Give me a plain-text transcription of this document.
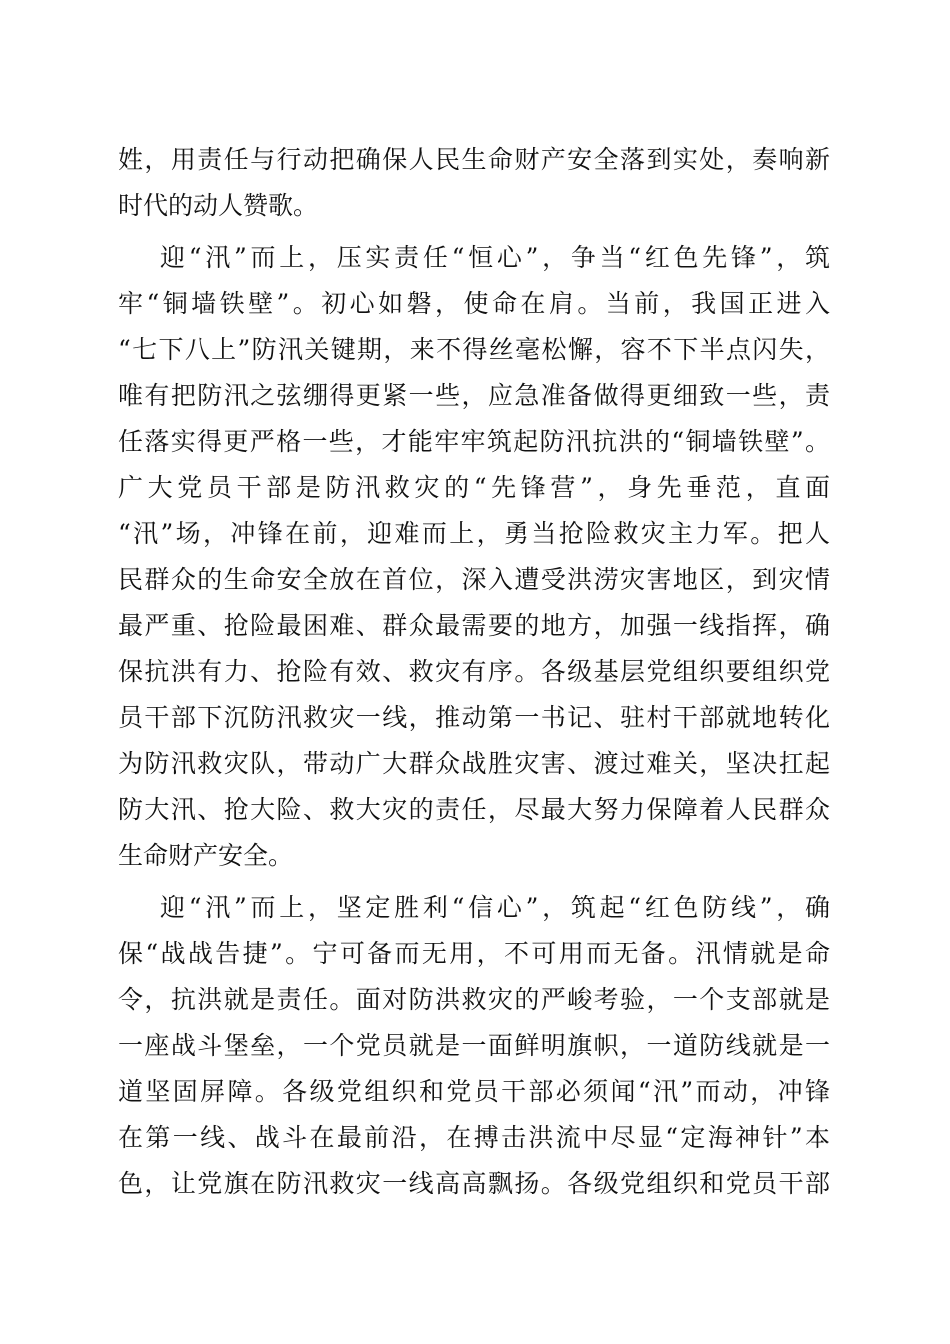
姓，用责任与行动把确保人民生命财产安全落到实处，奏响新
时代的动人赞歌。
迎“汛”而上，压实责任“恒心”，争当“红色先锋”，筑
牢“铜墙铁壁”。初心如磐，使命在肩。当前，我国正进入
“七下八上”防汛关键期，来不得丝毫松懈，容不下半点闪失，
唯有把防汛之弦绷得更紧一些，应急准备做得更细致一些，责
任落实得更严格一些，才能牢牢筑起防汛抗洪的“铜墙铁壁”。
广大党员干部是防汛救灾的“先锋营”，身先垂范，直面
“汛”场，冲锋在前，迎难而上，勇当抢险救灾主力军。把人
民群众的生命安全放在首位，深入遭受洪涝灾害地区，到灾情
最严重、抢险最困难、群众最需要的地方，加强一线指挥，确
保抗洪有力、抢险有效、救灾有序。各级基层党组织要组织党
员干部下沉防汛救灾一线，推动第一书记、驻村干部就地转化
为防汛救灾队，带动广大群众战胜灾害、渡过难关，坚决扛起
防大汛、抢大险、救大灾的责任，尽最大努力保障着人民群众
生命财产安全。
迎“汛”而上，坚定胜利“信心”，筑起“红色防线”，确
保“战战告捷”。宁可备而无用，不可用而无备。汛情就是命
令，抗洪就是责任。面对防洪救灾的严峻考验，一个支部就是
一座战斗堡垒，一个党员就是一面鲜明旗帜，一道防线就是一
道坚固屏障。各级党组织和党员干部必须闻“汛”而动，冲锋
在第一线、战斗在最前沿，在搏击洪流中尽显“定海神针”本
色，让党旗在防汛救灾一线高高飘扬。各级党组织和党员干部
